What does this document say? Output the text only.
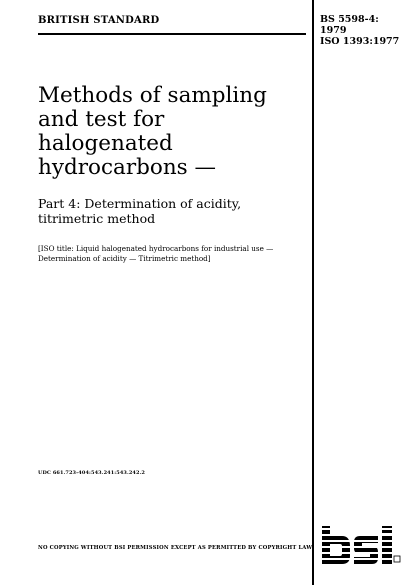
BRITISH STANDARD	BS 5598-4:
1979
ISO 1393:1977
Methods of sampling
and test for
halogenated
hydrocarbons —
Part 4: Determination of acidity,
titrimetric method
[ISO title: Liquid halogenated hydrocarbons for industrial use —
Determination of acidity — Titrimetric method]
UDC 661.723-404:543.241:543.242.2
NO COPYING WITHOUT BSI PERMISSION EXCEPT AS PERMITTED BY COPYRIGHT LAW
